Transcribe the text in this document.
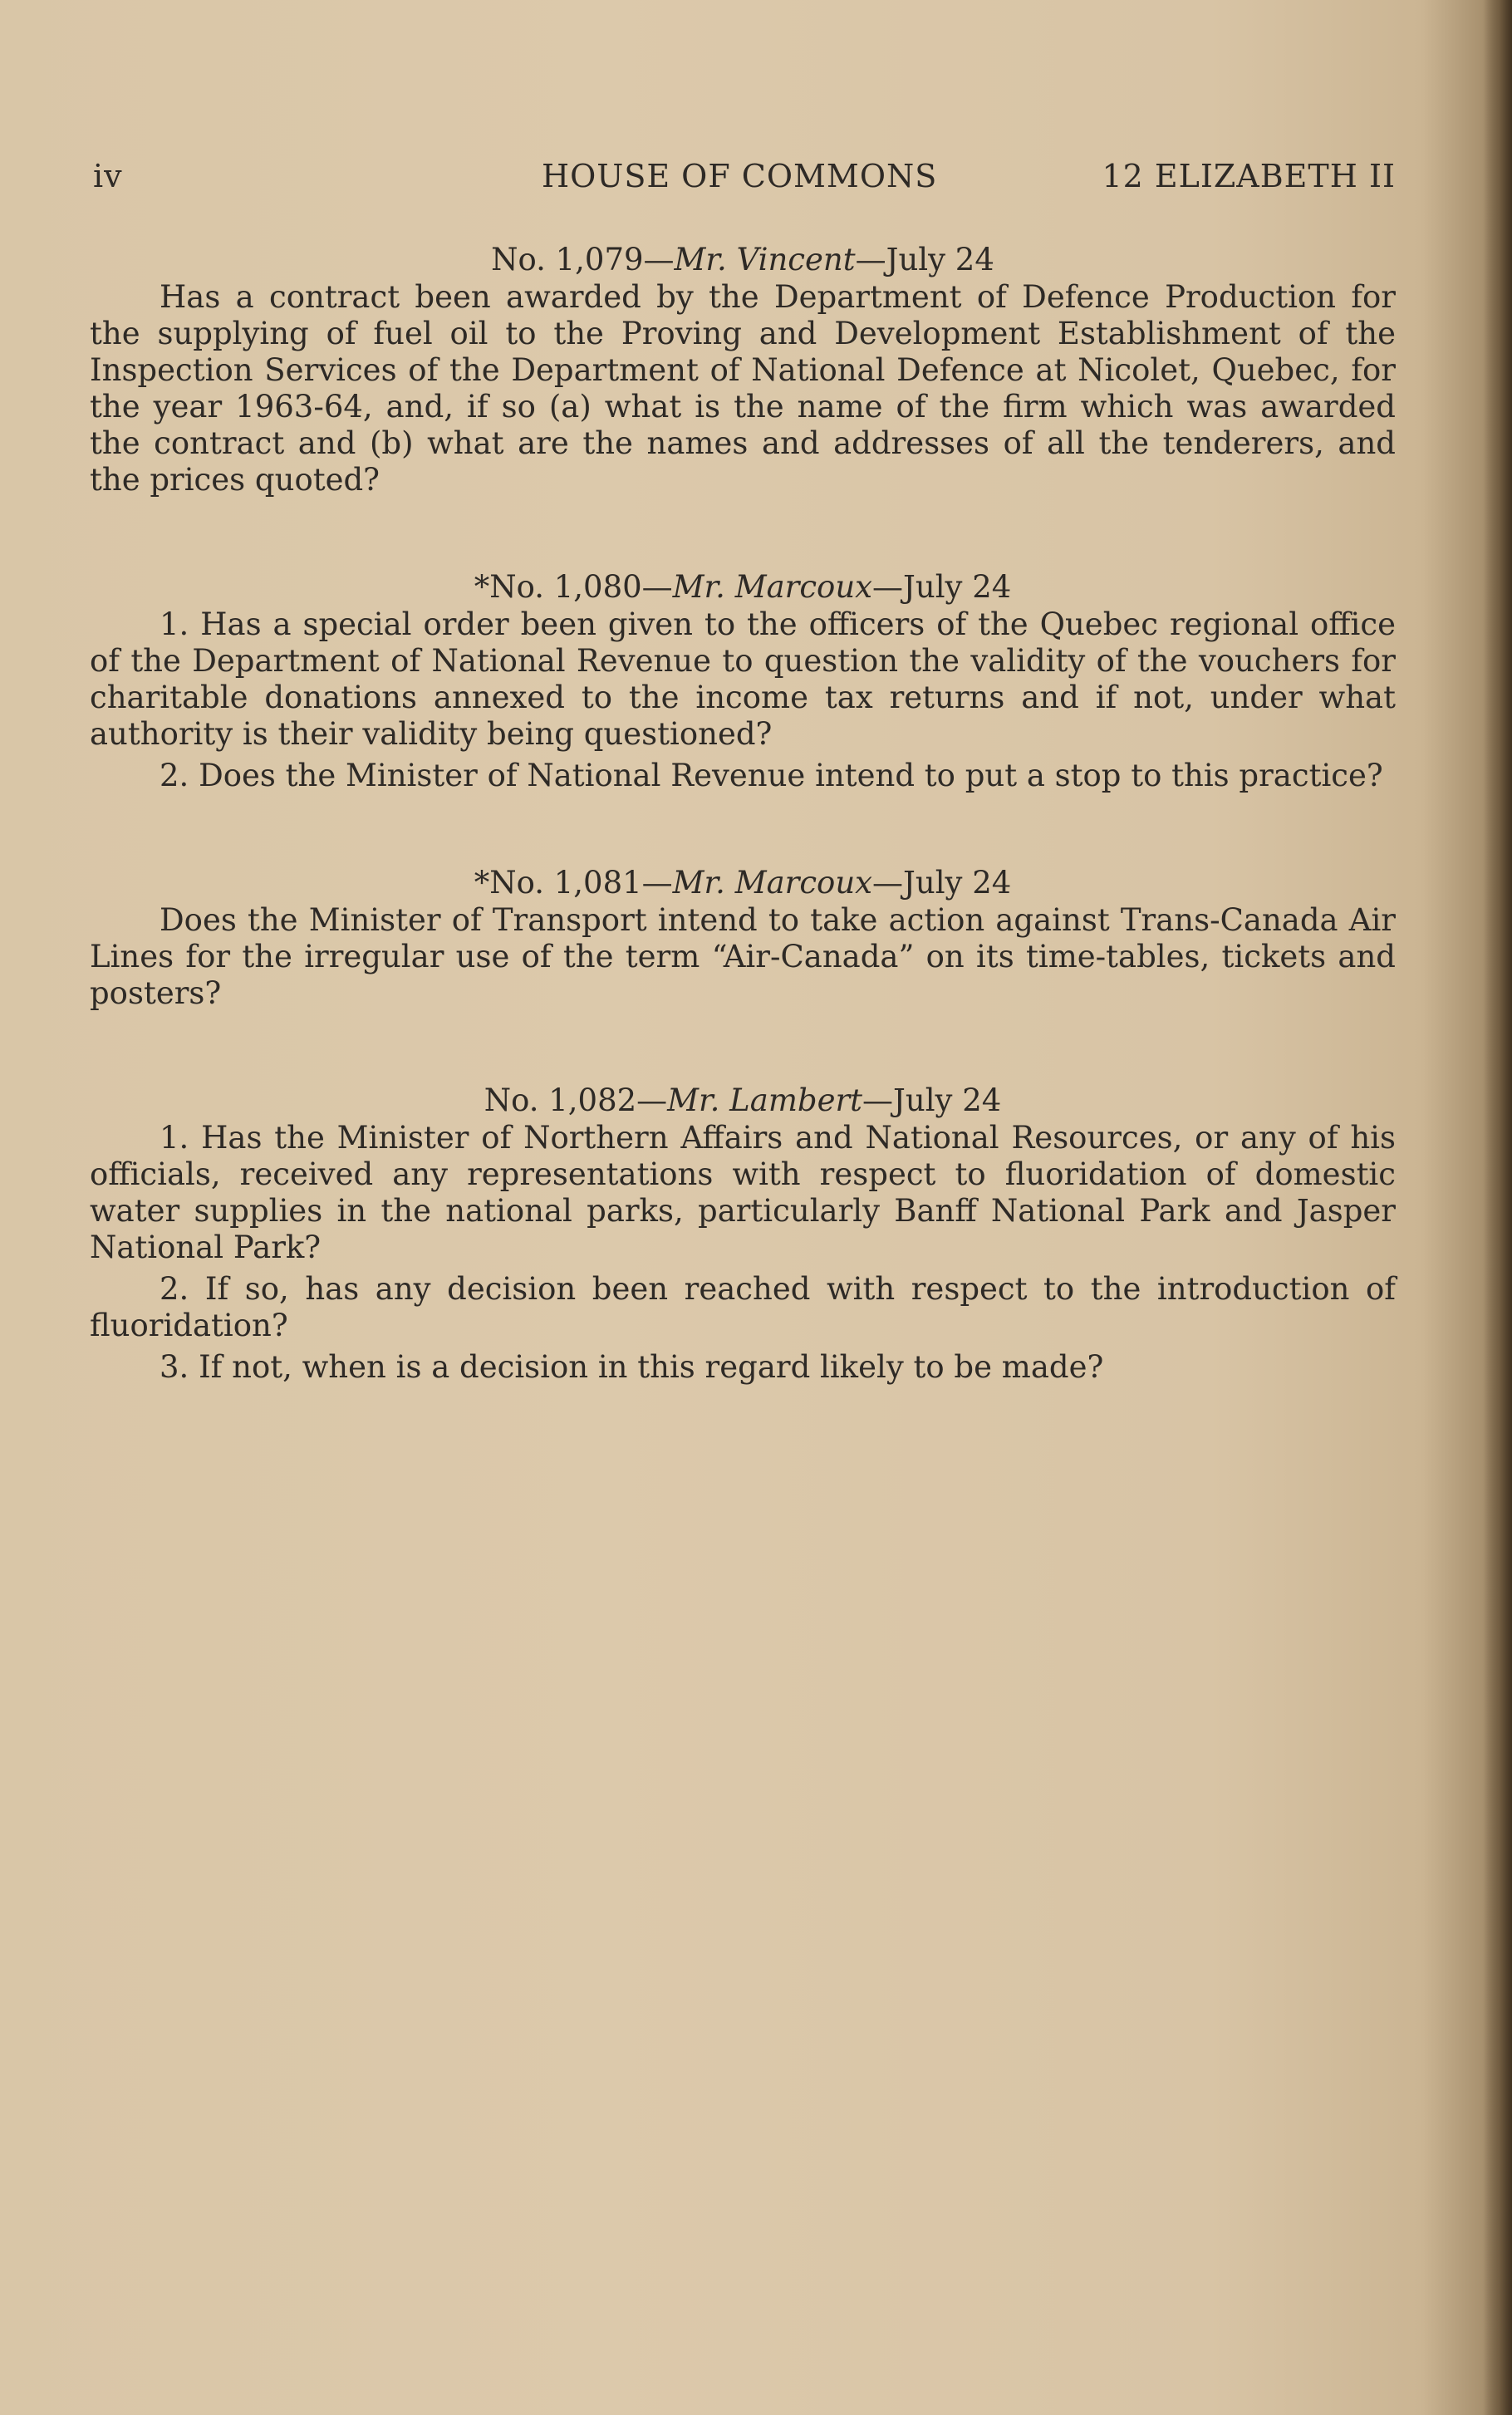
iv	HOUSE OF COMMONS	12 ELIZABETH II
No. 1,079—Mr. Vincent—July 24

Has a contract been awarded by the Department of Defence Production for the supplying of fuel oil to the Proving and Development Establishment of the Inspection Services of the Department of National Defence at Nicolet, Quebec, for the year 1963-64, and, if so (a) what is the name of the firm which was awarded the contract and (b) what are the names and addresses of all the tenderers, and the prices quoted?

*No. 1,080—Mr. Marcoux—July 24

1. Has a special order been given to the officers of the Quebec regional office of the Department of National Revenue to question the validity of the vouchers for charitable donations annexed to the income tax returns and if not, under what authority is their validity being questioned?

2. Does the Minister of National Revenue intend to put a stop to this practice?

*No. 1,081—Mr. Marcoux—July 24

Does the Minister of Transport intend to take action against Trans-Canada Air Lines for the irregular use of the term “Air-Canada” on its time-tables, tickets and posters?

No. 1,082—Mr. Lambert—July 24

1. Has the Minister of Northern Affairs and National Resources, or any of his officials, received any representations with respect to fluoridation of domestic water supplies in the national parks, particularly Banff National Park and Jasper National Park?

2. If so, has any decision been reached with respect to the introduction of fluoridation?

3. If not, when is a decision in this regard likely to be made?
